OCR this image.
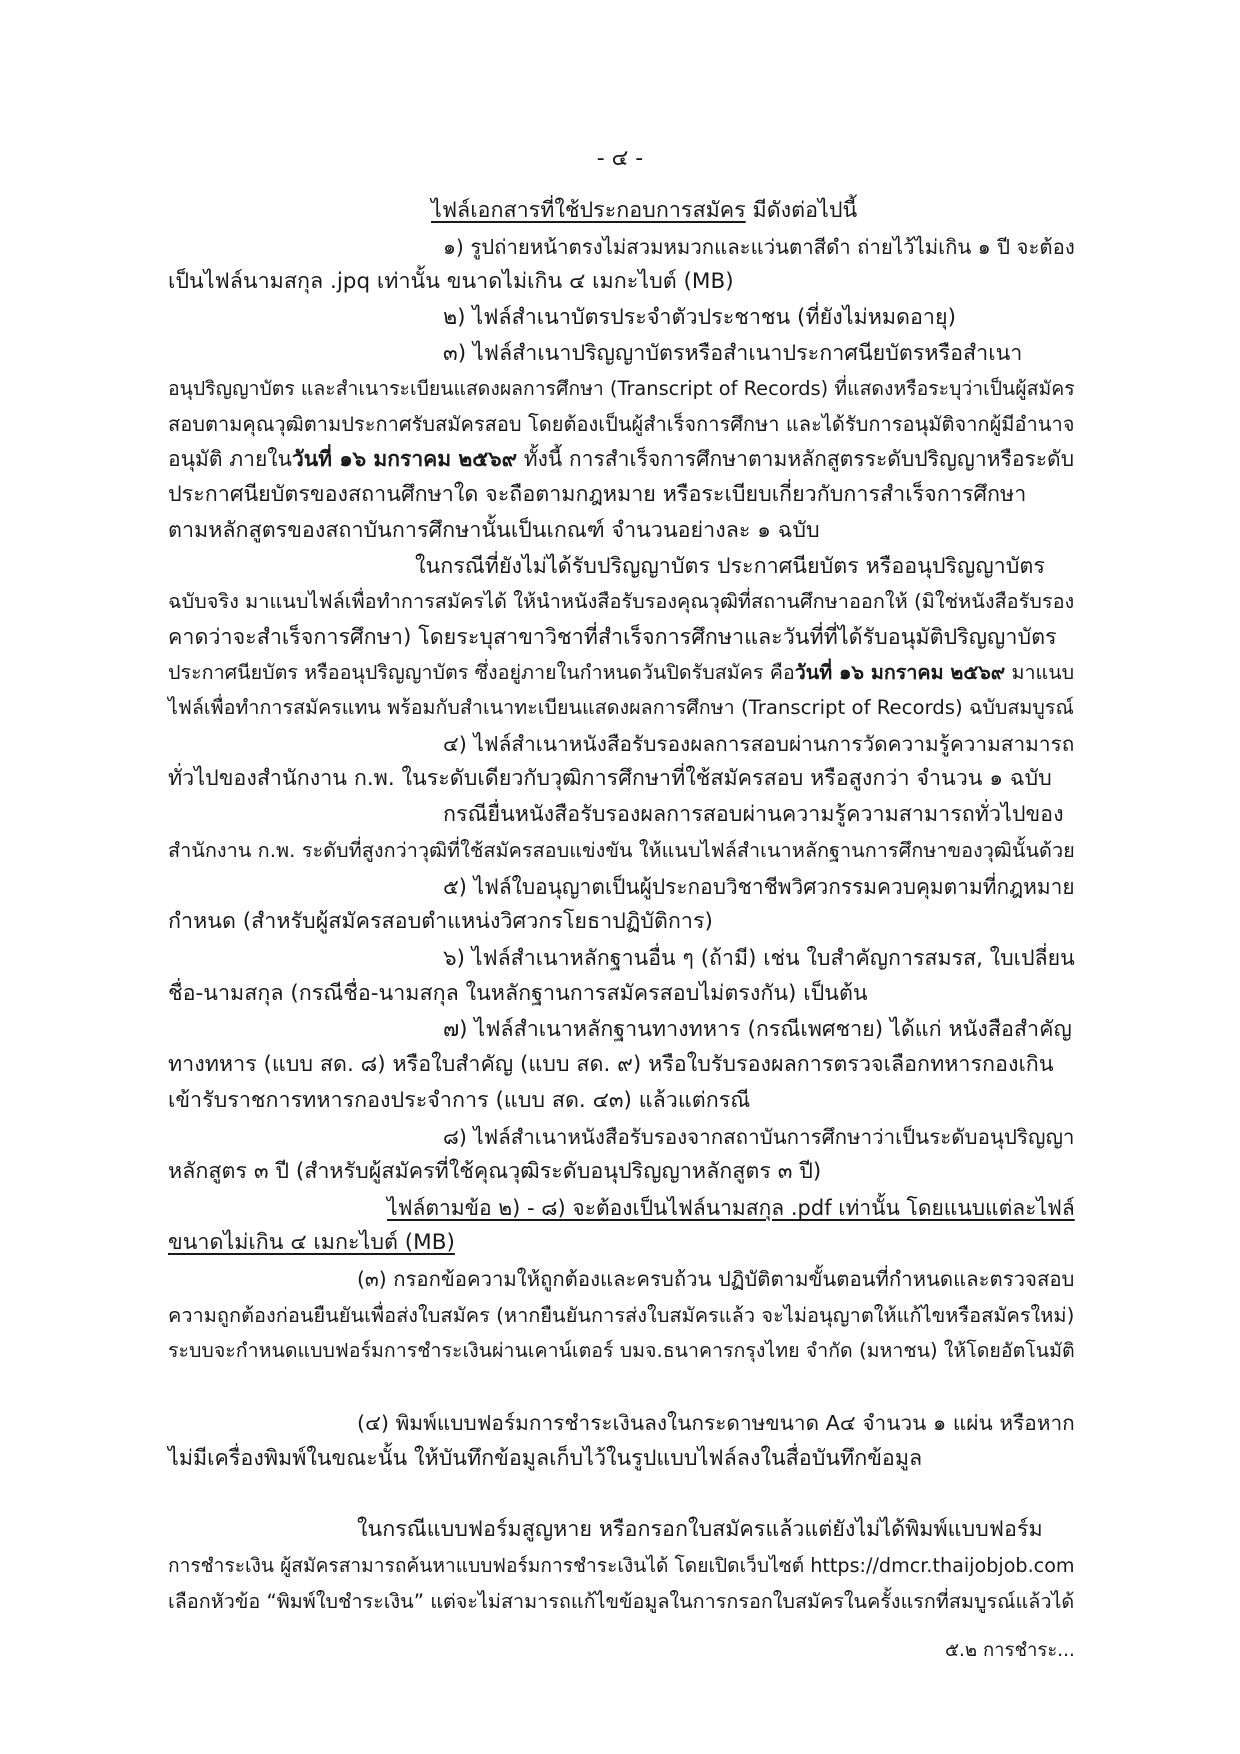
- ๔ -
ไฟล์เอกสารที่ใช้ประกอบการสมัคร มีดังต่อไปนี้
๑) รูปถ่ายหน้าตรงไม่สวมหมวกและแว่นตาสีดำ ถ่ายไว้ไม่เกิน ๑ ปี จะต้อง
เป็นไฟล์นามสกุล .jpq เท่านั้น ขนาดไม่เกิน ๔ เมกะไบต์ (MB)
๒) ไฟล์สำเนาบัตรประจำตัวประชาชน (ที่ยังไม่หมดอายุ)
๓) ไฟล์สำเนาปริญญาบัตรหรือสำเนาประกาศนียบัตรหรือสำเนา
อนุปริญญาบัตร และสำเนาระเบียนแสดงผลการศึกษา (Transcript of Records) ที่แสดงหรือระบุว่าเป็นผู้สมัคร
สอบตามคุณวุฒิตามประกาศรับสมัครสอบ โดยต้องเป็นผู้สำเร็จการศึกษา และได้รับการอนุมัติจากผู้มีอำนาจ
อนุมัติ ภายในวันที่ ๑๖ มกราคม ๒๕๖๙ ทั้งนี้ การสำเร็จการศึกษาตามหลักสูตรระดับปริญญาหรือระดับ
ประกาศนียบัตรของสถานศึกษาใด จะถือตามกฎหมาย หรือระเบียบเกี่ยวกับการสำเร็จการศึกษา
ตามหลักสูตรของสถาบันการศึกษานั้นเป็นเกณฑ์ จำนวนอย่างละ ๑ ฉบับ
ในกรณีที่ยังไม่ได้รับปริญญาบัตร ประกาศนียบัตร หรืออนุปริญญาบัตร
ฉบับจริง มาแนบไฟล์เพื่อทำการสมัครได้ ให้นำหนังสือรับรองคุณวุฒิที่สถานศึกษาออกให้ (มิใช่หนังสือรับรอง
คาดว่าจะสำเร็จการศึกษา) โดยระบุสาขาวิชาที่สำเร็จการศึกษาและวันที่ที่ได้รับอนุมัติปริญญาบัตร
ประกาศนียบัตร หรืออนุปริญญาบัตร ซึ่งอยู่ภายในกำหนดวันปิดรับสมัคร คือวันที่ ๑๖ มกราคม ๒๕๖๙ มาแนบ
ไฟล์เพื่อทำการสมัครแทน พร้อมกับสำเนาทะเบียนแสดงผลการศึกษา (Transcript of Records) ฉบับสมบูรณ์
๔) ไฟล์สำเนาหนังสือรับรองผลการสอบผ่านการวัดความรู้ความสามารถ
ทั่วไปของสำนักงาน ก.พ. ในระดับเดียวกับวุฒิการศึกษาที่ใช้สมัครสอบ หรือสูงกว่า จำนวน ๑ ฉบับ
กรณียื่นหนังสือรับรองผลการสอบผ่านความรู้ความสามารถทั่วไปของ
สำนักงาน ก.พ. ระดับที่สูงกว่าวุฒิที่ใช้สมัครสอบแข่งขัน ให้แนบไฟล์สำเนาหลักฐานการศึกษาของวุฒินั้นด้วย
๕) ไฟล์ใบอนุญาตเป็นผู้ประกอบวิชาชีพวิศวกรรมควบคุมตามที่กฎหมาย
กำหนด (สำหรับผู้สมัครสอบตำแหน่งวิศวกรโยธาปฏิบัติการ)
๖) ไฟล์สำเนาหลักฐานอื่น ๆ (ถ้ามี) เช่น ใบสำคัญการสมรส, ใบเปลี่ยน
ชื่อ-นามสกุล (กรณีชื่อ-นามสกุล ในหลักฐานการสมัครสอบไม่ตรงกัน) เป็นต้น
๗) ไฟล์สำเนาหลักฐานทางทหาร (กรณีเพศชาย) ได้แก่ หนังสือสำคัญ
ทางทหาร (แบบ สด. ๘) หรือใบสำคัญ (แบบ สด. ๙) หรือใบรับรองผลการตรวจเลือกทหารกองเกิน
เข้ารับราชการทหารกองประจำการ (แบบ สด. ๔๓) แล้วแต่กรณี
๘) ไฟล์สำเนาหนังสือรับรองจากสถาบันการศึกษาว่าเป็นระดับอนุปริญญา
หลักสูตร ๓ ปี (สำหรับผู้สมัครที่ใช้คุณวุฒิระดับอนุปริญญาหลักสูตร ๓ ปี)
ไฟล์ตามข้อ ๒) - ๘) จะต้องเป็นไฟล์นามสกุล .pdf เท่านั้น โดยแนบแต่ละไฟล์
ขนาดไม่เกิน ๔ เมกะไบต์ (MB)
(๓) กรอกข้อความให้ถูกต้องและครบถ้วน ปฏิบัติตามขั้นตอนที่กำหนดและตรวจสอบ
ความถูกต้องก่อนยืนยันเพื่อส่งใบสมัคร (หากยืนยันการส่งใบสมัครแล้ว จะไม่อนุญาตให้แก้ไขหรือสมัครใหม่)
ระบบจะกำหนดแบบฟอร์มการชำระเงินผ่านเคาน์เตอร์ บมจ.ธนาคารกรุงไทย จำกัด (มหาชน) ให้โดยอัตโนมัติ
(๔) พิมพ์แบบฟอร์มการชำระเงินลงในกระดาษขนาด A๔ จำนวน ๑ แผ่น หรือหาก
ไม่มีเครื่องพิมพ์ในขณะนั้น ให้บันทึกข้อมูลเก็บไว้ในรูปแบบไฟล์ลงในสื่อบันทึกข้อมูล
ในกรณีแบบฟอร์มสูญหาย หรือกรอกใบสมัครแล้วแต่ยังไม่ได้พิมพ์แบบฟอร์ม
การชำระเงิน ผู้สมัครสามารถค้นหาแบบฟอร์มการชำระเงินได้ โดยเปิดเว็บไซต์ https://dmcr.thaijobjob.com
เลือกหัวข้อ “พิมพ์ใบชำระเงิน” แต่จะไม่สามารถแก้ไขข้อมูลในการกรอกใบสมัครในครั้งแรกที่สมบูรณ์แล้วได้
๕.๒ การชำระ...
